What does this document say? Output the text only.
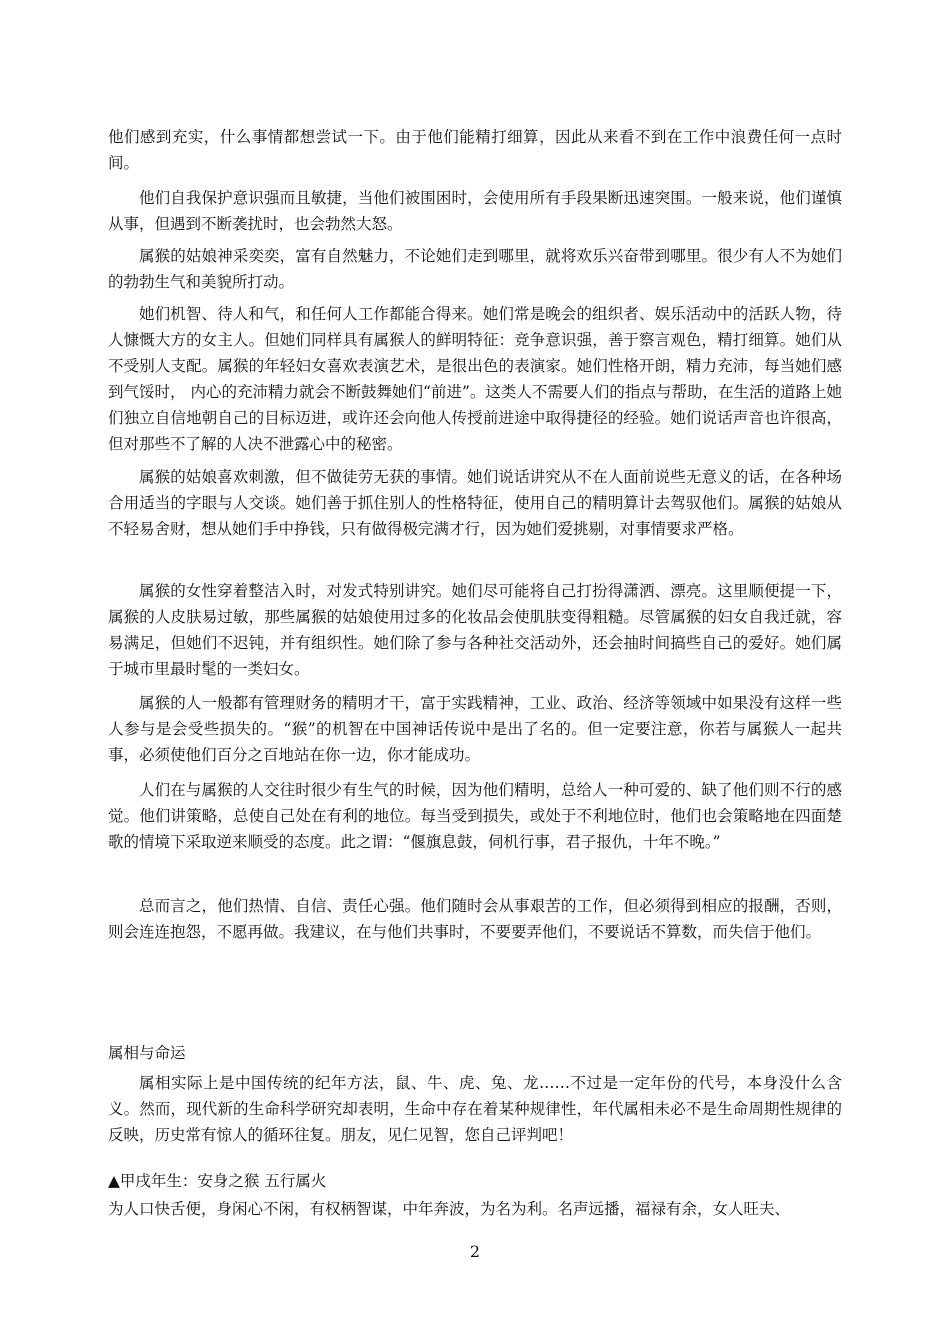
他们感到充实，什么事情都想尝试一下。由于他们能精打细算，因此从来看不到在工作中浪费任何一点时间。

他们自我保护意识强而且敏捷，当他们被围困时，会使用所有手段果断迅速突围。一般来说，他们谨慎从事，但遇到不断袭扰时，也会勃然大怒。

属猴的姑娘神采奕奕，富有自然魅力，不论她们走到哪里，就将欢乐兴奋带到哪里。很少有人不为她们的勃勃生气和美貌所打动。

她们机智、待人和气，和任何人工作都能合得来。她们常是晚会的组织者、娱乐活动中的活跃人物，待人慷慨大方的女主人。但她们同样具有属猴人的鲜明特征：竞争意识强，善于察言观色，精打细算。她们从不受别人支配。属猴的年轻妇女喜欢表演艺术，是很出色的表演家。她们性格开朗，精力充沛，每当她们感到气馁时， 内心的充沛精力就会不断鼓舞她们“前进”。这类人不需要人们的指点与帮助，在生活的道路上她们独立自信地朝自己的目标迈进，或许还会向他人传授前进途中取得捷径的经验。她们说话声音也许很高，但对那些不了解的人决不泄露心中的秘密。

属猴的姑娘喜欢刺激，但不做徒劳无获的事情。她们说话讲究从不在人面前说些无意义的话，在各种场合用适当的字眼与人交谈。她们善于抓住别人的性格特征，使用自己的精明算计去驾驭他们。属猴的姑娘从不轻易舍财，想从她们手中挣钱，只有做得极完满才行，因为她们爱挑剔，对事情要求严格。

属猴的女性穿着整洁入时，对发式特别讲究。她们尽可能将自己打扮得潇洒、漂亮。这里顺便提一下，属猴的人皮肤易过敏，那些属猴的姑娘使用过多的化妆品会使肌肤变得粗糙。尽管属猴的妇女自我迁就，容易满足，但她们不迟钝，并有组织性。她们除了参与各种社交活动外，还会抽时间搞些自己的爱好。她们属于城市里最时髦的一类妇女。

属猴的人一般都有管理财务的精明才干，富于实践精神，工业、政治、经济等领域中如果没有这样一些人参与是会受些损失的。“猴”的机智在中国神话传说中是出了名的。但一定要注意，你若与属猴人一起共事，必须使他们百分之百地站在你一边，你才能成功。

人们在与属猴的人交往时很少有生气的时候，因为他们精明，总给人一种可爱的、缺了他们则不行的感觉。他们讲策略，总使自己处在有利的地位。每当受到损失，或处于不利地位时，他们也会策略地在四面楚歌的情境下采取逆来顺受的态度。此之谓：“偃旗息鼓，伺机行事，君子报仇，十年不晚。”

总而言之，他们热情、自信、责任心强。他们随时会从事艰苦的工作，但必须得到相应的报酬，否则，则会连连抱怨，不愿再做。我建议，在与他们共事时，不要要弄他们，不要说话不算数，而失信于他们。

属相与命运

属相实际上是中国传统的纪年方法，鼠、牛、虎、兔、龙……不过是一定年份的代号，本身没什么含义。然而，现代新的生命科学研究却表明，生命中存在着某种规律性，年代属相未必不是生命周期性规律的反映，历史常有惊人的循环往复。朋友，见仁见智，您自己评判吧！

▲甲戌年生：安身之猴 五行属火

为人口快舌便，身闲心不闲，有权柄智谋，中年奔波，为名为利。名声远播，福禄有余，女人旺夫、

2
